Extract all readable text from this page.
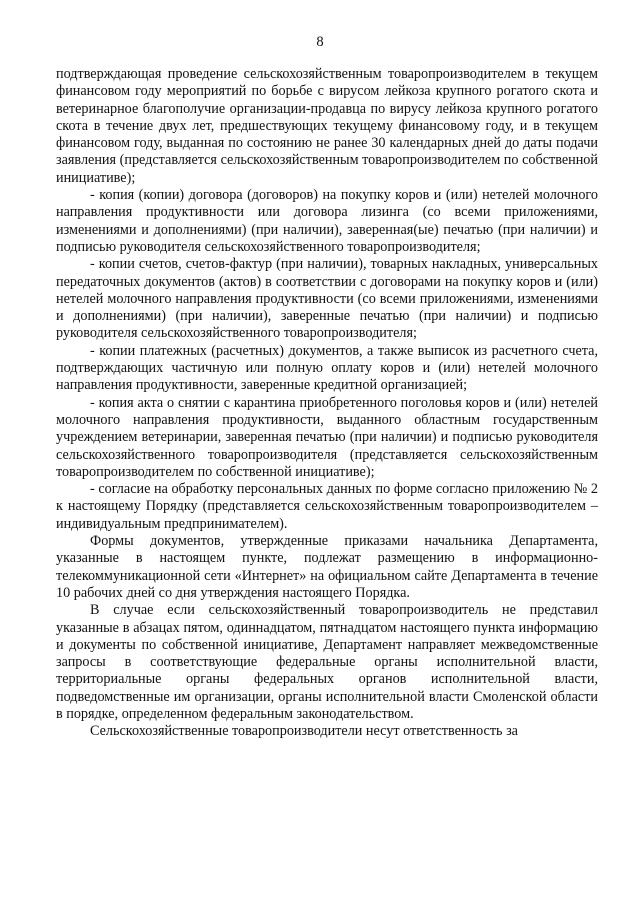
8

подтверждающая проведение сельскохозяйственным товаропроизводителем в текущем финансовом году мероприятий по борьбе с вирусом лейкоза крупного рогатого скота и ветеринарное благополучие организации-продавца по вирусу лейкоза крупного рогатого скота в течение двух лет, предшествующих текущему финансовому году, и в текущем финансовом году, выданная по состоянию не ранее 30 календарных дней до даты подачи заявления (представляется сельскохозяйственным товаропроизводителем по собственной инициативе);

- копия (копии) договора (договоров) на покупку коров и (или) нетелей молочного направления продуктивности или договора лизинга (со всеми приложениями, изменениями и дополнениями) (при наличии), заверенная(ые) печатью (при наличии) и подписью руководителя сельскохозяйственного товаропроизводителя;

- копии счетов, счетов-фактур (при наличии), товарных накладных, универсальных передаточных документов (актов) в соответствии с договорами на покупку коров и (или) нетелей молочного направления продуктивности (со всеми приложениями, изменениями и дополнениями) (при наличии), заверенные печатью (при наличии) и подписью руководителя сельскохозяйственного товаропроизводителя;

- копии платежных (расчетных) документов, а также выписок из расчетного счета, подтверждающих частичную или полную оплату коров и (или) нетелей молочного направления продуктивности, заверенные кредитной организацией;

- копия акта о снятии с карантина приобретенного поголовья коров и (или) нетелей молочного направления продуктивности, выданного областным государственным учреждением ветеринарии, заверенная печатью (при наличии) и подписью руководителя сельскохозяйственного товаропроизводителя (представляется сельскохозяйственным товаропроизводителем по собственной инициативе);

- согласие на обработку персональных данных по форме согласно приложению № 2 к настоящему Порядку (представляется сельскохозяйственным товаропроизводителем – индивидуальным предпринимателем).

Формы документов, утвержденные приказами начальника Департамента, указанные в настоящем пункте, подлежат размещению в информационно-телекоммуникационной сети «Интернет» на официальном сайте Департамента в течение 10 рабочих дней со дня утверждения настоящего Порядка.

В случае если сельскохозяйственный товаропроизводитель не представил указанные в абзацах пятом, одиннадцатом, пятнадцатом настоящего пункта информацию и документы по собственной инициативе, Департамент направляет межведомственные запросы в соответствующие федеральные органы исполнительной власти, территориальные органы федеральных органов исполнительной власти, подведомственные им организации, органы исполнительной власти Смоленской области в порядке, определенном федеральным законодательством.

Сельскохозяйственные товаропроизводители несут ответственность за
